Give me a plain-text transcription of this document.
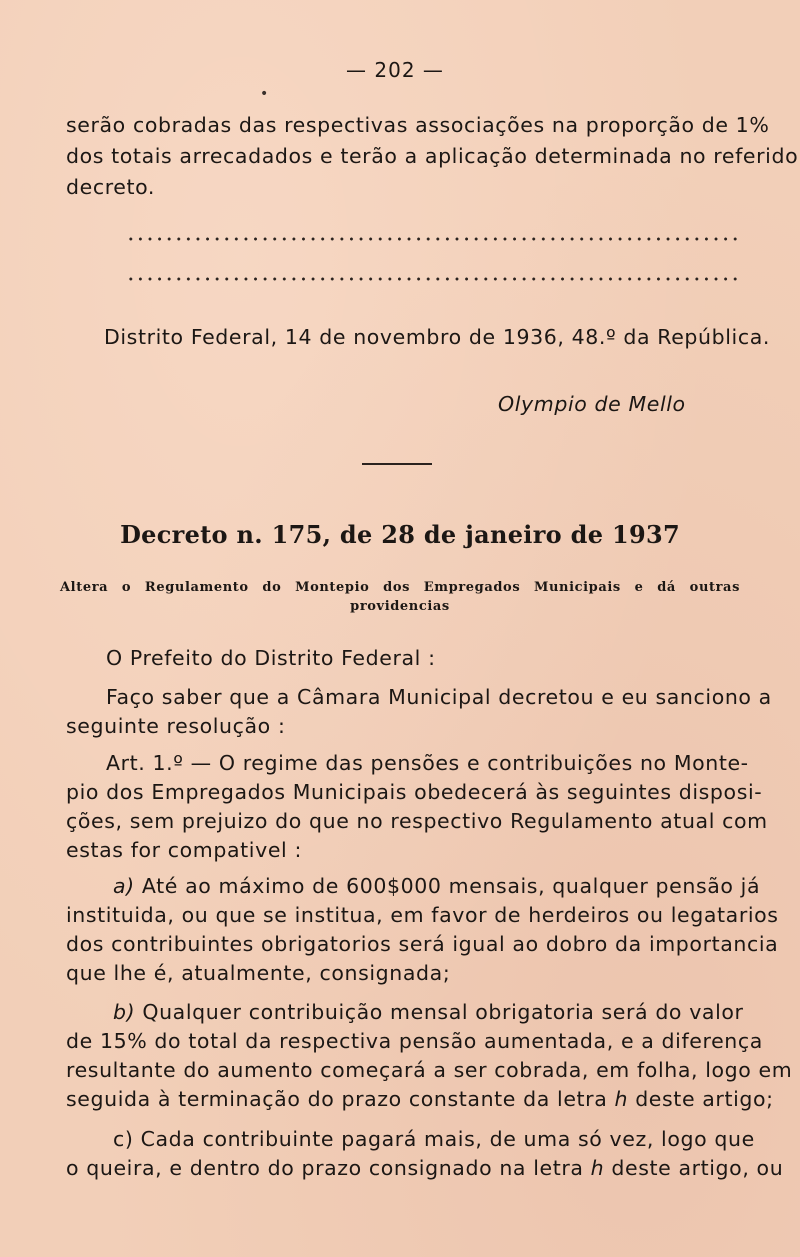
— 202 —
•
serão cobradas das respectivas associações na proporção de 1%
dos totais arrecadados e terão a aplicação determinada no referido
decreto.
Distrito Federal, 14 de novembro de 1936, 48.º da República.
Olympio de Mello
Decreto n. 175, de 28 de janeiro de 1937
Altera o Regulamento do Montepio dos Empregados Municipais e dá outras
providencias
O Prefeito do Distrito Federal :
Faço saber que a Câmara Municipal decretou e eu sanciono a
seguinte resolução :
Art. 1.º — O regime das pensões e contribuições no Monte-
pio dos Empregados Municipais obedecerá às seguintes disposi-
ções, sem prejuizo do que no respectivo Regulamento atual com
estas for compativel :
a) Até ao máximo de 600$000 mensais, qualquer pensão já
instituida, ou que se institua, em favor de herdeiros ou legatarios
dos contribuintes obrigatorios será igual ao dobro da importancia
que lhe é, atualmente, consignada;
b) Qualquer contribuição mensal obrigatoria será do valor
de 15% do total da respectiva pensão aumentada, e a diferença
resultante do aumento começará a ser cobrada, em folha, logo em
seguida à terminação do prazo constante da letra h deste artigo;
c) Cada contribuinte pagará mais, de uma só vez, logo que
o queira, e dentro do prazo consignado na letra h deste artigo, ou
